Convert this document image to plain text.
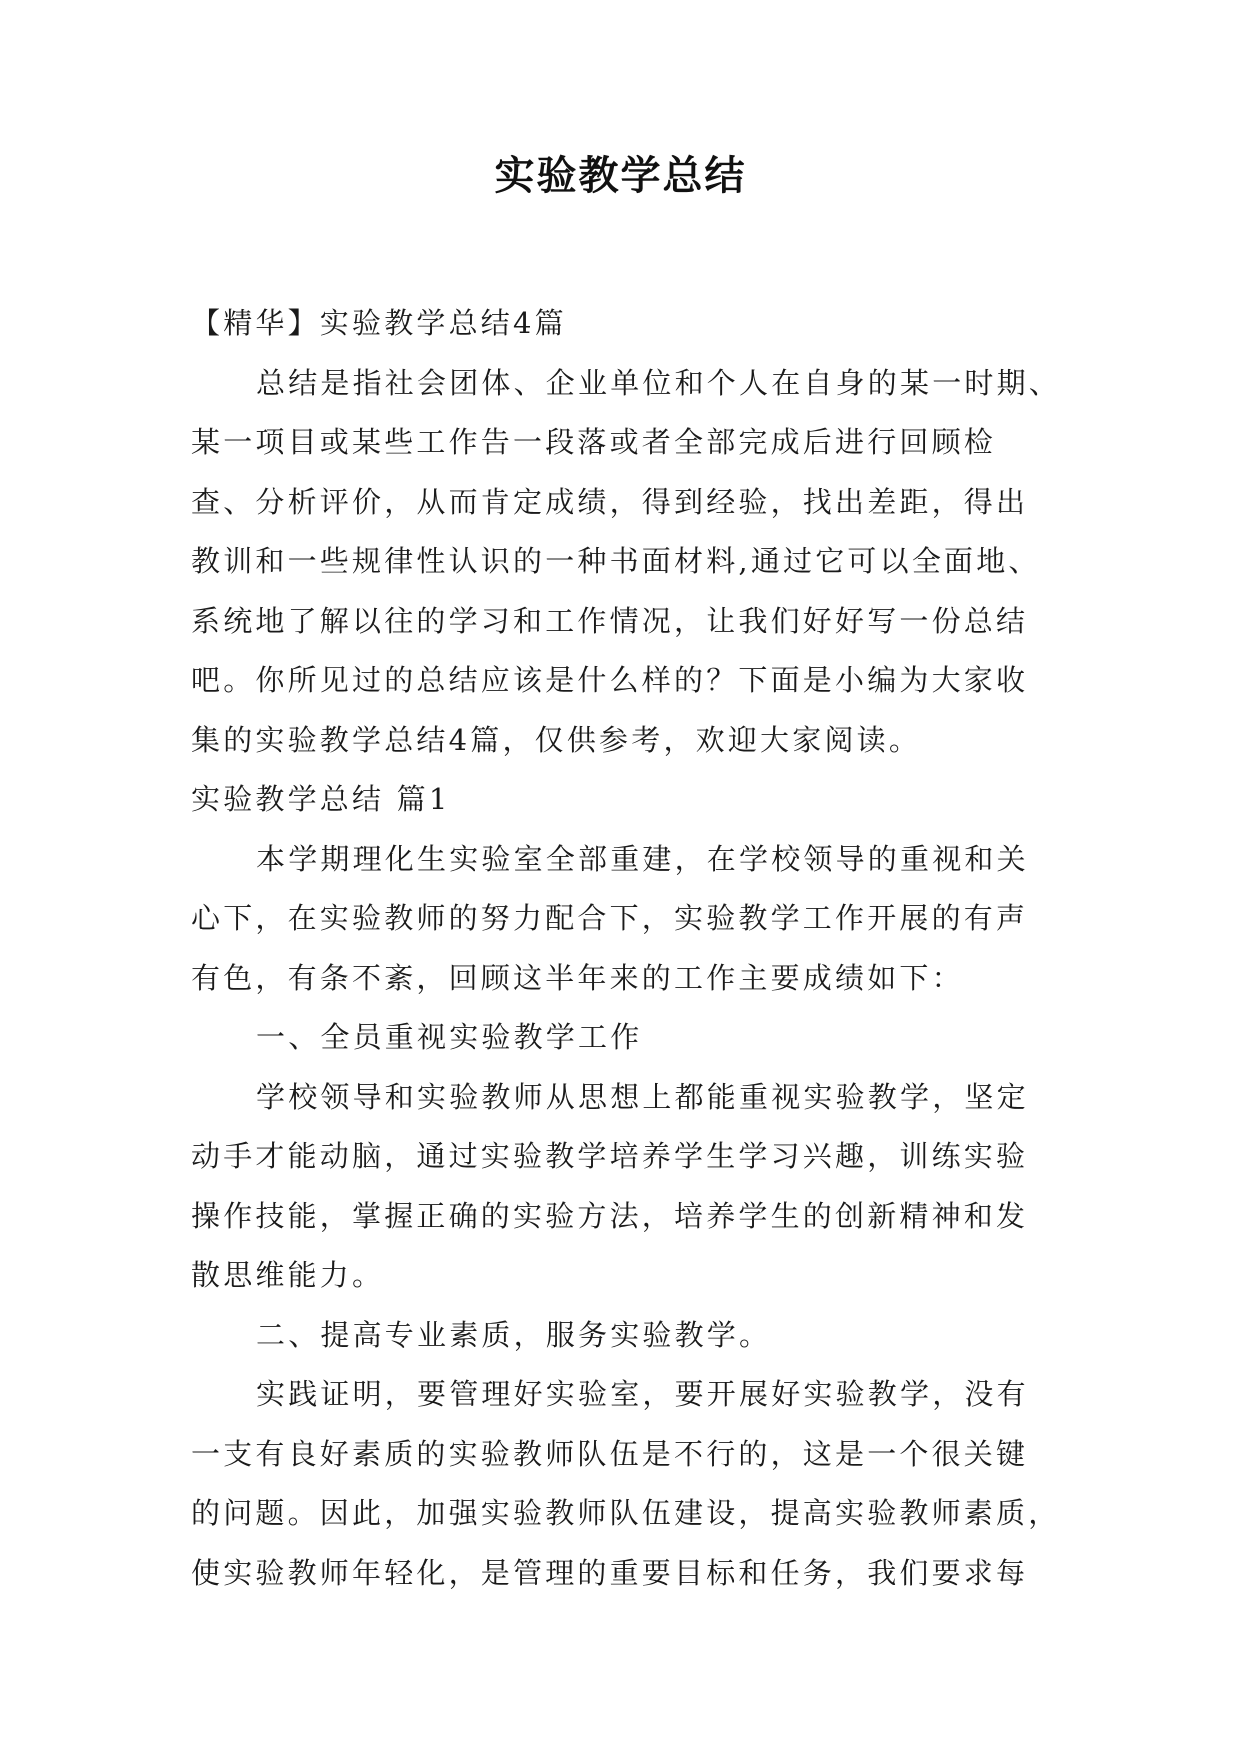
实验教学总结
【精华】实验教学总结4篇
总结是指社会团体、企业单位和个人在自身的某一时期、
某一项目或某些工作告一段落或者全部完成后进行回顾检
查、分析评价，从而肯定成绩，得到经验，找出差距，得出
教训和一些规律性认识的一种书面材料,通过它可以全面地、
系统地了解以往的学习和工作情况，让我们好好写一份总结
吧。你所见过的总结应该是什么样的？下面是小编为大家收
集的实验教学总结4篇，仅供参考，欢迎大家阅读。
实验教学总结 篇1
本学期理化生实验室全部重建，在学校领导的重视和关
心下，在实验教师的努力配合下，实验教学工作开展的有声
有色，有条不紊，回顾这半年来的工作主要成绩如下：
一、全员重视实验教学工作
学校领导和实验教师从思想上都能重视实验教学，坚定
动手才能动脑，通过实验教学培养学生学习兴趣，训练实验
操作技能，掌握正确的实验方法，培养学生的创新精神和发
散思维能力。
二、提高专业素质，服务实验教学。
实践证明，要管理好实验室，要开展好实验教学，没有
一支有良好素质的实验教师队伍是不行的，这是一个很关键
的问题。因此，加强实验教师队伍建设，提高实验教师素质，
使实验教师年轻化，是管理的重要目标和任务，我们要求每
